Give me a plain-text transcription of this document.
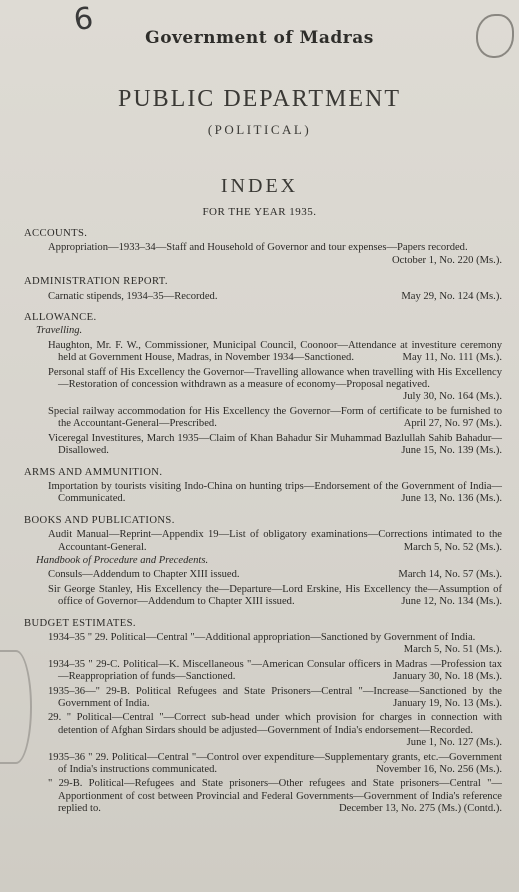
6	Government of Madras
PUBLIC DEPARTMENT
(POLITICAL)
INDEX
FOR THE YEAR 1935.
ACCOUNTS.
Appropriation—1933–34—Staff and Household of Governor and tour expenses—Papers recorded.
October 1, No. 220 (Ms.).
ADMINISTRATION REPORT.
Carnatic stipends, 1934–35—Recorded.	May 29, No. 124 (Ms.).
ALLOWANCE.
Travelling.
Haughton, Mr. F. W., Commissioner, Municipal Council, Coonoor—Attendance at investiture ceremony held at Government House, Madras, in November 1934—Sanctioned.	May 11, No. 111 (Ms.).
Personal staff of His Excellency the Governor—Travelling allowance when travelling with His Excellency—Restoration of concession withdrawn as a measure of economy—Proposal negatived.
July 30, No. 164 (Ms.).
Special railway accommodation for His Excellency the Governor—Form of certificate to be furnished to the Accountant-General—Prescribed.	April 27, No. 97 (Ms.).
Viceregal Investitures, March 1935—Claim of Khan Bahadur Sir Muhammad Bazlullah Sahib Bahadur—Disallowed.	June 15, No. 139 (Ms.).
ARMS AND AMMUNITION.
Importation by tourists visiting Indo-China on hunting trips—Endorsement of the Government of India—Communicated.	June 13, No. 136 (Ms.).
BOOKS AND PUBLICATIONS.
Audit Manual—Reprint—Appendix 19—List of obligatory examinations—Corrections intimated to the Accountant-General.	March 5, No. 52 (Ms.).
Handbook of Procedure and Precedents.
Consuls—Addendum to Chapter XIII issued.	March 14, No. 57 (Ms.).
Sir George Stanley, His Excellency the—Departure—Lord Erskine, His Excellency the—Assumption of office of Governor—Addendum to Chapter XIII issued.	June 12, No. 134 (Ms.).
BUDGET ESTIMATES.
1934–35 " 29. Political—Central "—Additional appropriation—Sanctioned by Government of India.
March 5, No. 51 (Ms.).
1934–35 " 29-C. Political—K. Miscellaneous "—American Consular officers in Madras —Profession tax—Reappropriation of funds—Sanctioned.	January 30, No. 18 (Ms.).
1935–36—" 29-B. Political Refugees and State Prisoners—Central "—Increase—Sanctioned by the Government of India.	January 19, No. 13 (Ms.).
29. " Political—Central "—Correct sub-head under which provision for charges in connection with detention of Afghan Sirdars should be adjusted—Government of India's endorsement—Recorded.
June 1, No. 127 (Ms.).
1935–36 " 29. Political—Central "—Control over expenditure—Supplementary grants, etc.—Government of India's instructions communicated.	November 16, No. 256 (Ms.).
" 29-B. Political—Refugees and State prisoners—Other refugees and State prisoners—Central "—Apportionment of cost between Provincial and Federal Governments—Government of India's reference replied to.	December 13, No. 275 (Ms.) (Contd.).
